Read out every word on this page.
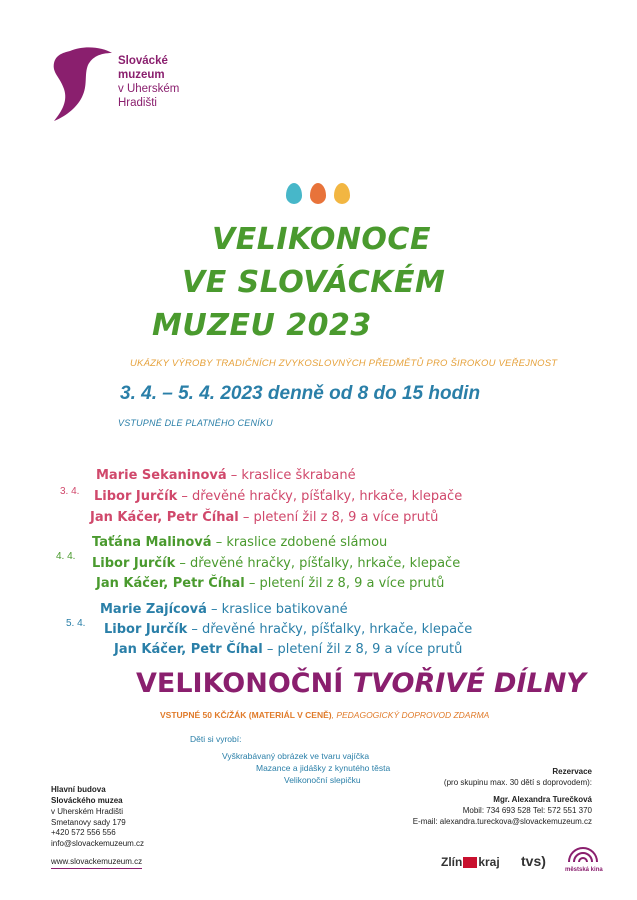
Slovácké
muzeum
v Uherském
Hradišti
VELIKONOCE
VE SLOVÁCKÉM
MUZEU 2023
UKÁZKY VÝROBY TRADIČNÍCH ZVYKOSLOVNÝCH PŘEDMĚTŮ PRO ŠIROKOU VEŘEJNOST
3. 4. – 5. 4. 2023 denně od 8 do 15 hodin
VSTUPNÉ DLE PLATNÉHO CENÍKU
3. 4.
Marie Sekaninová – kraslice škrabané
Libor Jurčík – dřevěné hračky, píšťalky, hrkače, klepače
Jan Káčer, Petr Číhal – pletení žil z 8, 9 a více prutů
4. 4.
Taťána Malinová – kraslice zdobené slámou
Libor Jurčík – dřevěné hračky, píšťalky, hrkače, klepače
Jan Káčer, Petr Číhal – pletení žil z 8, 9 a více prutů
5. 4.
Marie Zajícová – kraslice batikované
Libor Jurčík – dřevěné hračky, píšťalky, hrkače, klepače
Jan Káčer, Petr Číhal – pletení žil z 8, 9 a více prutů
VELIKONOČNÍ TVOŘIVÉ DÍLNY
VSTUPNÉ 50 KČ/ŽÁK (MATERIÁL V CENĚ), PEDAGOGICKÝ DOPROVOD ZDARMA
Děti si vyrobí:
Vyškrabávaný obrázek ve tvaru vajíčka
Mazance a jidášky z kynutého těsta
Velikonoční slepičku
Hlavní budova
Slováckého muzea
v Uherském Hradišti
Smetanovy sady 179
+420 572 556 556
info@slovackemuzeum.cz
www.slovackemuzeum.cz
Rezervace
(pro skupinu max. 30 dětí s doprovodem):
Mgr. Alexandra Turečková
Mobil: 734 693 528 Tel: 572 551 370
E-mail: alexandra.tureckova@slovackemuzeum.cz
Zlín kraj tvs)
městská kina
